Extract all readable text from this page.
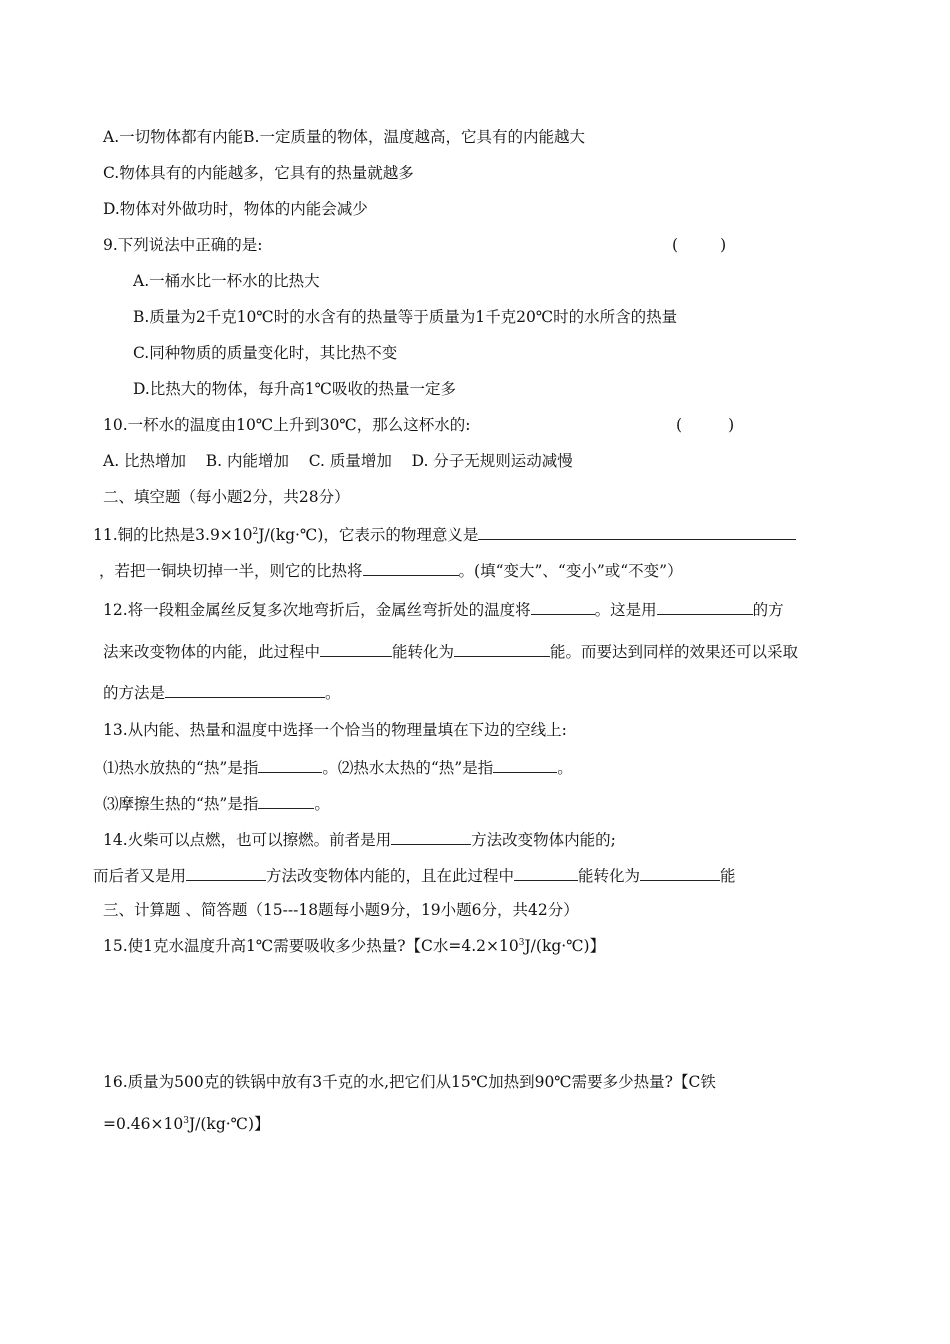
A.一切物体都有内能B.一定质量的物体，温度越高，它具有的内能越大
C.物体具有的内能越多，它具有的热量就越多
D.物体对外做功时，物体的内能会减少
9.下列说法中正确的是:	(	)
A.一桶水比一杯水的比热大
B.质量为2千克10℃时的水含有的热量等于质量为1千克20℃时的水所含的热量
C.同种物质的质量变化时，其比热不变
D.比热大的物体，每升高1℃吸收的热量一定多
10.一杯水的温度由10℃上升到30℃，那么这杯水的:	(	)
A. 比热增加    B. 内能增加    C. 质量增加    D. 分子无规则运动减慢
二、填空题（每小题2分，共28分）
11.铜的比热是$3.9\times 10^2J/(kg\cdot℃)$，它表示的物理意义是
，若把一铜块切掉一半，则它的比热将	。(填“变大”、“变小”或“不变”）
12.将一段粗金属丝反复多次地弯折后，金属丝弯折处的温度将	。这是用	的方
法来改变物体的内能，此过程中	能转化为	能。而要达到同样的效果还可以采取
的方法是	。
13.从内能、热量和温度中选择一个恰当的物理量填在下边的空线上:
⑴热水放热的“热”是指	。⑵热水太热的“热”是指	。
⑶摩擦生热的“热”是指	。
14.火柴可以点燃，也可以擦燃。前者是用	方法改变物体内能的;
而后者又是用	方法改变物体内能的，且在此过程中	能转化为	能
三、计算题 、简答题（15---18题每小题9分，19小题6分，共42分）
15.使1克水温度升高1℃需要吸收多少热量?【C水$=4.2\times 10^3J/(kg\cdot℃)$】
16.质量为500克的铁锅中放有3千克的水,把它们从15℃加热到90℃需要多少热量?【C铁
$=0.46\times 10^3J/(kg\cdot℃)$】
